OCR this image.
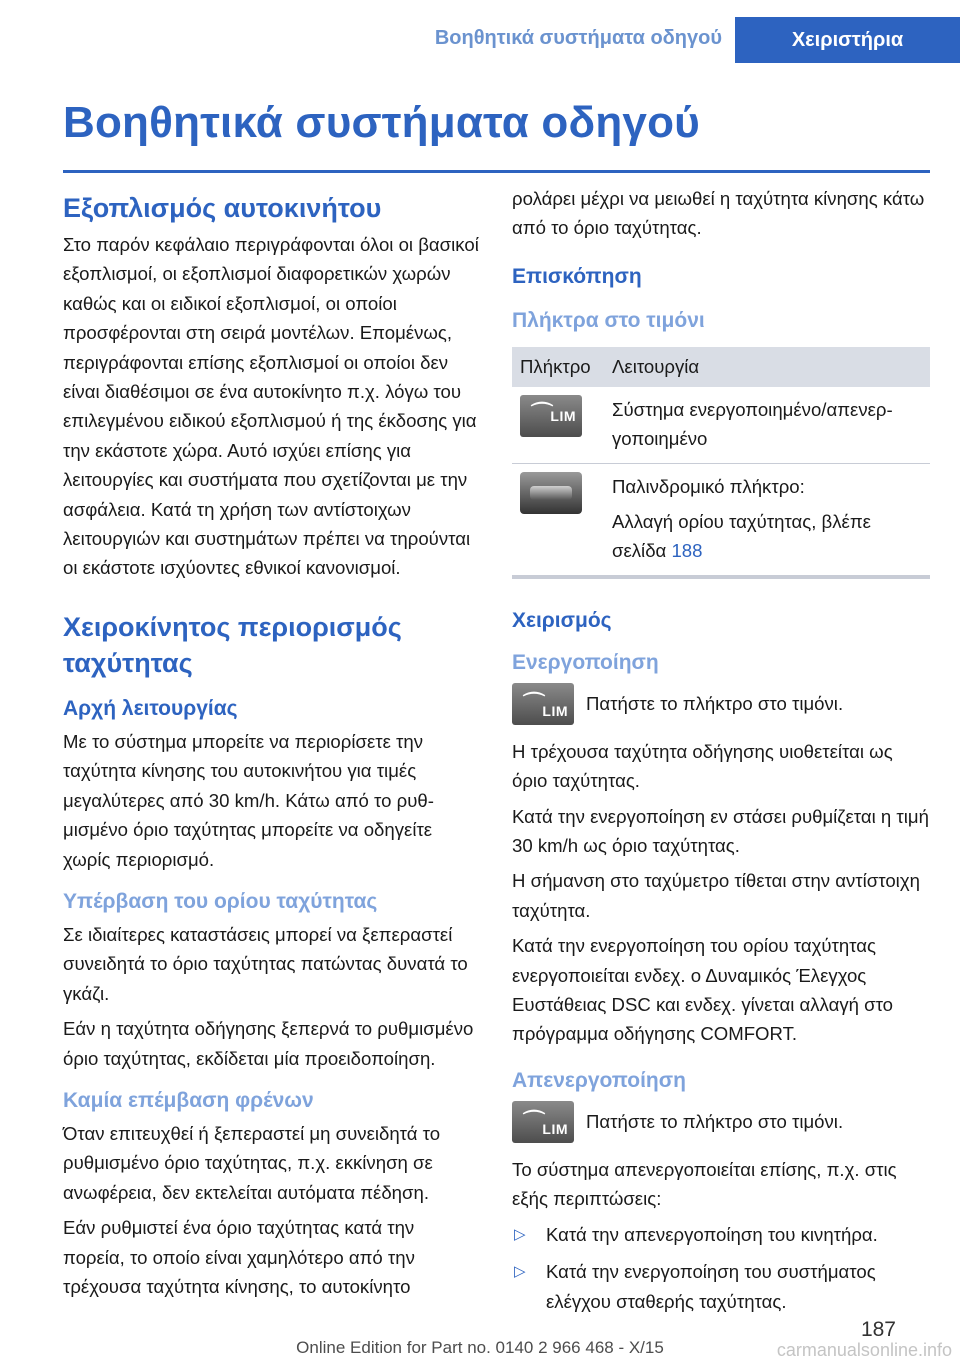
Βοηθητικά συστήματα οδηγού	Χειριστήρια
Βοηθητικά συστήματα οδηγού
Εξοπλισμός αυτοκινήτου

Στο παρόν κεφάλαιο περιγράφονται όλοι οι βασικοί εξοπλισμοί, οι εξοπλισμοί διαφορετικών χωρών καθώς και οι ειδικοί εξοπλισμοί, οι οποίοι προσφέρονται στη σειρά μοντέλων. Επομένως, περιγράφονται επίσης εξοπλισμοί οι οποίοι δεν είναι διαθέσιμοι σε ένα αυτοκίνητο π.χ. λόγω του επιλεγμένου ειδικού εξοπλισμού ή της έκδοσης για την εκάστοτε χώρα. Αυτό ισχύει επίσης για λειτουργίες και συστήματα που σχετίζονται με την ασφάλεια. Κατά τη χρήση των αντίστοιχων λειτουργιών και συστημάτων πρέπει να τηρούνται οι εκάστοτε ισχύοντες εθνικοί κανονισμοί.

Χειροκίνητος περιορισμός ταχύτητας
Αρχή λειτουργίας

Με το σύστημα μπορείτε να περιορίσετε την ταχύτητα κίνησης του αυτοκινήτου για τιμές μεγαλύτερες από 30 km/h. Κάτω από το ρυθμισμένο όριο ταχύτητας μπορείτε να οδηγείτε χωρίς περιορισμό.

Υπέρβαση του ορίου ταχύτητας

Σε ιδιαίτερες καταστάσεις μπορεί να ξεπεραστεί συνειδητά το όριο ταχύτητας πατώντας δυνατά το γκάζι.

Εάν η ταχύτητα οδήγησης ξεπερνά το ρυθμισμένο όριο ταχύτητας, εκδίδεται μία προειδοποίηση.

Καμία επέμβαση φρένων

Όταν επιτευχθεί ή ξεπεραστεί μη συνειδητά το ρυθμισμένο όριο ταχύτητας, π.χ. εκκίνηση σε ανωφέρεια, δεν εκτελείται αυτόματα πέδηση.

Εάν ρυθμιστεί ένα όριο ταχύτητας κατά την πορεία, το οποίο είναι χαμηλότερο από την τρέχουσα ταχύτητα κίνησης, το αυτοκίνητο

ρολάρει μέχρι να μειωθεί η ταχύτητα κίνησης κάτω από το όριο ταχύτητας.

Επισκόπηση
Πλήκτρα στο τιμόνι
Πλήκτρο	Λειτουργία

⌒
LIM	Σύστημα ενεργοποιημένο/απενεργοποιημένο

	Παλινδρομικό πλήκτρο:
Αλλαγή ορίου ταχύτητας, βλέπε σελίδα 188
Χειρισμός
Ενεργοποίηση
⌒
LIM Πατήστε το πλήκτρο στο τιμόνι.

Η τρέχουσα ταχύτητα οδήγησης υιοθετείται ως όριο ταχύτητας.

Κατά την ενεργοποίηση εν στάσει ρυθμίζεται η τιμή 30 km/h ως όριο ταχύτητας.

Η σήμανση στο ταχύμετρο τίθεται στην αντίστοιχη ταχύτητα.

Κατά την ενεργοποίηση του ορίου ταχύτητας ενεργοποιείται ενδεχ. ο Δυναμικός Έλεγχος Ευστάθειας DSC και ενδεχ. γίνεται αλλαγή στο πρόγραμμα οδήγησης COMFORT.

Απενεργοποίηση
⌒
LIM Πατήστε το πλήκτρο στο τιμόνι.

Το σύστημα απενεργοποιείται επίσης, π.χ. στις εξής περιπτώσεις:

▷ Κατά την απενεργοποίηση του κινητήρα.
▷ Κατά την ενεργοποίηση του συστήματος ελέγχου σταθερής ταχύτητας.
187
Online Edition for Part no. 0140 2 966 468 - X/15	carmanualsonline.info
